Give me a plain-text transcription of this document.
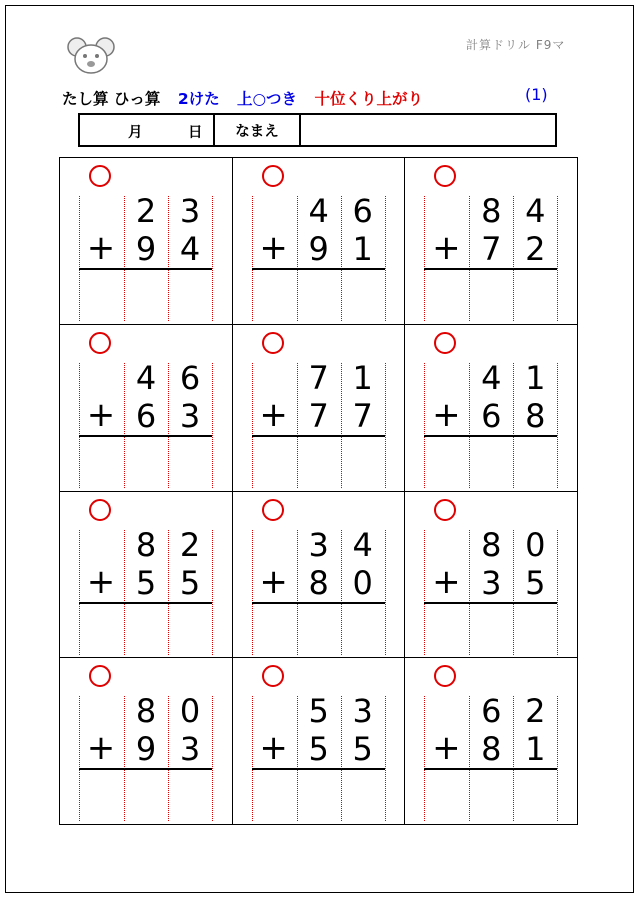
計算ドリル F9マ
たし算 ひっ算 2けた 上○つき 十位くり上がり	(1)
月	日	なまえ
+
2 3
9 4 +
4 6
9 1 +
8 4
7 2
+
4 6
6 3 +
7 1
7 7 +
4 1
6 8
+
8 2
5 5 +
3 4
8 0 +
8 0
3 5
+
8 0
9 3 +
5 3
5 5 +
6 2
8 1
